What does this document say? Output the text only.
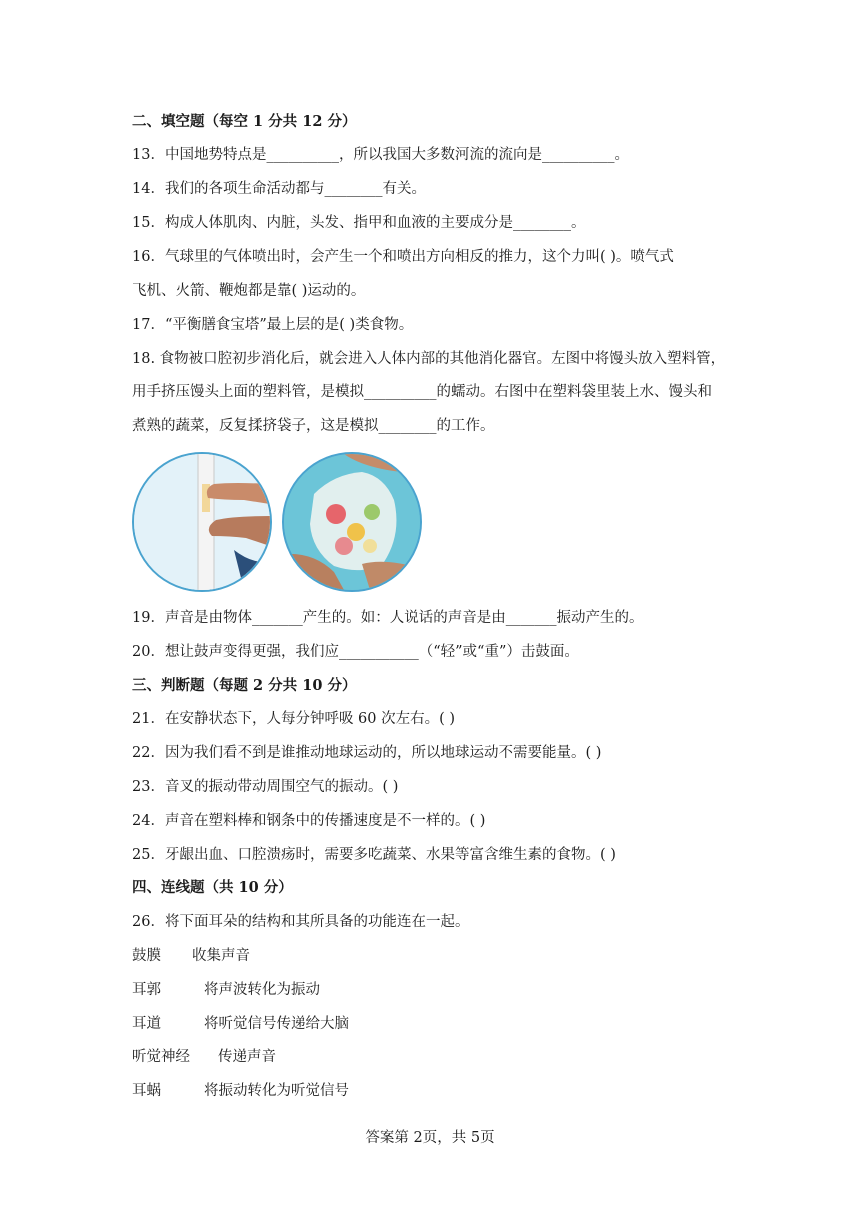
二、填空题（每空 1 分共 12 分）
13．中国地势特点是__________，所以我国大多数河流的流向是__________。
14．我们的各项生命活动都与________有关。
15．构成人体肌肉、内脏，头发、指甲和血液的主要成分是________。
16．气球里的气体喷出时，会产生一个和喷出方向相反的推力，这个力叫( )。喷气式
飞机、火箭、鞭炮都是靠( )运动的。
17．“平衡膳食宝塔”最上层的是( )类食物。
18. 食物被口腔初步消化后，就会进入人体内部的其他消化器官。左图中将馒头放入塑料管，
用手挤压馒头上面的塑料管，是模拟__________的蠕动。右图中在塑料袋里装上水、馒头和
煮熟的蔬菜，反复揉挤袋子，这是模拟________的工作。
19．声音是由物体_______产生的。如：人说话的声音是由_______振动产生的。
20．想让鼓声变得更强，我们应___________（“轻”或“重”）击鼓面。
三、判断题（每题 2 分共 10 分）
21．在安静状态下，人每分钟呼吸 60 次左右。( )
22．因为我们看不到是谁推动地球运动的，所以地球运动不需要能量。( )
23．音叉的振动带动周围空气的振动。( )
24．声音在塑料棒和钢条中的传播速度是不一样的。( )
25．牙龈出血、口腔溃疡时，需要多吃蔬菜、水果等富含维生素的食物。( )
四、连线题（共 10 分）
26．将下面耳朵的结构和其所具备的功能连在一起。
鼓膜 收集声音
耳郭	将声波转化为振动
耳道	将听觉信号传递给大脑
听觉神经 传递声音
耳蜗	将振动转化为听觉信号
答案第 2页，共 5页
